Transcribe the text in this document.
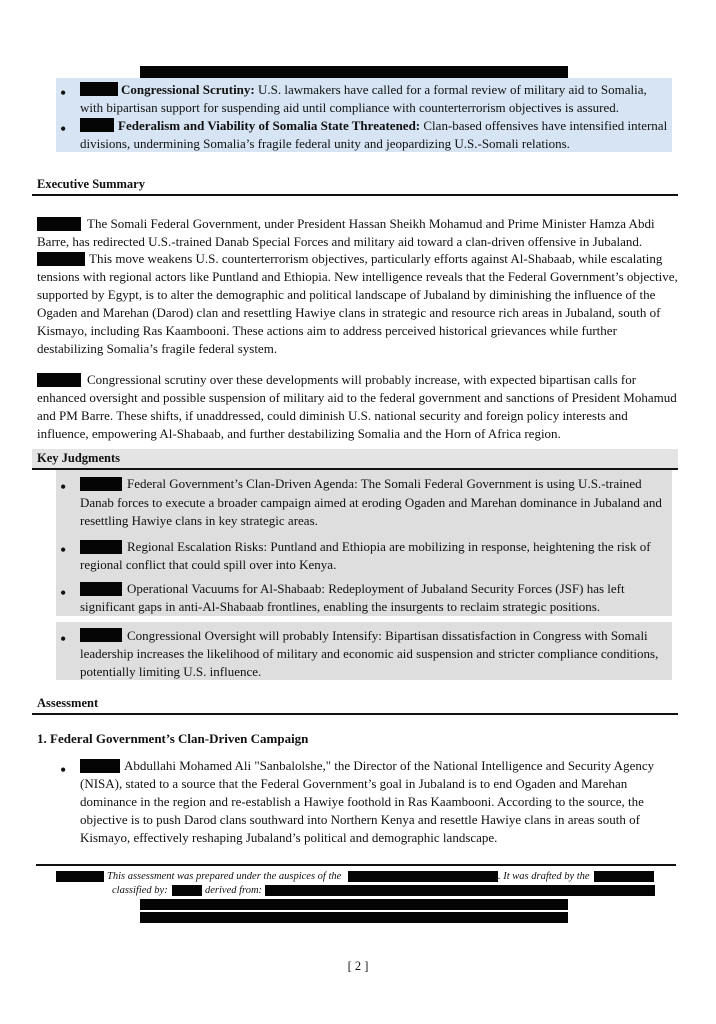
•	Congressional Scrutiny: U.S. lawmakers have called for a formal review of military aid to Somalia,
with bipartisan support for suspending aid until compliance with counterterrorism objectives is assured.
•	Federalism and Viability of Somalia State Threatened: Clan-based offensives have intensified internal
divisions, undermining Somalia’s fragile federal unity and jeopardizing U.S.-Somali relations.
Executive Summary
The Somali Federal Government, under President Hassan Sheikh Mohamud and Prime Minister Hamza Abdi
Barre, has redirected U.S.-trained Danab Special Forces and military aid toward a clan-driven offensive in Jubaland.
This move weakens U.S. counterterrorism objectives, particularly efforts against Al-Shabaab, while escalating
tensions with regional actors like Puntland and Ethiopia. New intelligence reveals that the Federal Government’s objective,
supported by Egypt, is to alter the demographic and political landscape of Jubaland by diminishing the influence of the
Ogaden and Marehan (Darod) clan and resettling Hawiye clans in strategic and resource rich areas in Jubaland, south of
Kismayo, including Ras Kaambooni. These actions aim to address perceived historical grievances while further
destabilizing Somalia’s fragile federal system.
Congressional scrutiny over these developments will probably increase, with expected bipartisan calls for
enhanced oversight and possible suspension of military aid to the federal government and sanctions of President Mohamud
and PM Barre. These shifts, if unaddressed, could diminish U.S. national security and foreign policy interests and
influence, empowering Al-Shabaab, and further destabilizing Somalia and the Horn of Africa region.
Key Judgments
•	Federal Government’s Clan-Driven Agenda: The Somali Federal Government is using U.S.-trained
Danab forces to execute a broader campaign aimed at eroding Ogaden and Marehan dominance in Jubaland and
resettling Hawiye clans in key strategic areas.
•	Regional Escalation Risks: Puntland and Ethiopia are mobilizing in response, heightening the risk of
regional conflict that could spill over into Kenya.
•	Operational Vacuums for Al-Shabaab: Redeployment of Jubaland Security Forces (JSF) has left
significant gaps in anti-Al-Shabaab frontlines, enabling the insurgents to reclaim strategic positions.
•	Congressional Oversight will probably Intensify: Bipartisan dissatisfaction in Congress with Somali
leadership increases the likelihood of military and economic aid suspension and stricter compliance conditions,
potentially limiting U.S. influence.
Assessment
1. Federal Government’s Clan-Driven Campaign
•	Abdullahi Mohamed Ali "Sanbalolshe," the Director of the National Intelligence and Security Agency
(NISA), stated to a source that the Federal Government’s goal in Jubaland is to end Ogaden and Marehan
dominance in the region and re-establish a Hawiye foothold in Ras Kaambooni. According to the source, the
objective is to push Darod clans southward into Northern Kenya and resettle Hawiye clans in areas south of
Kismayo, effectively reshaping Jubaland’s political and demographic landscape.
This assessment was prepared under the auspices of the	. It was drafted by the
classified by:	derived from:
[ 2 ]
